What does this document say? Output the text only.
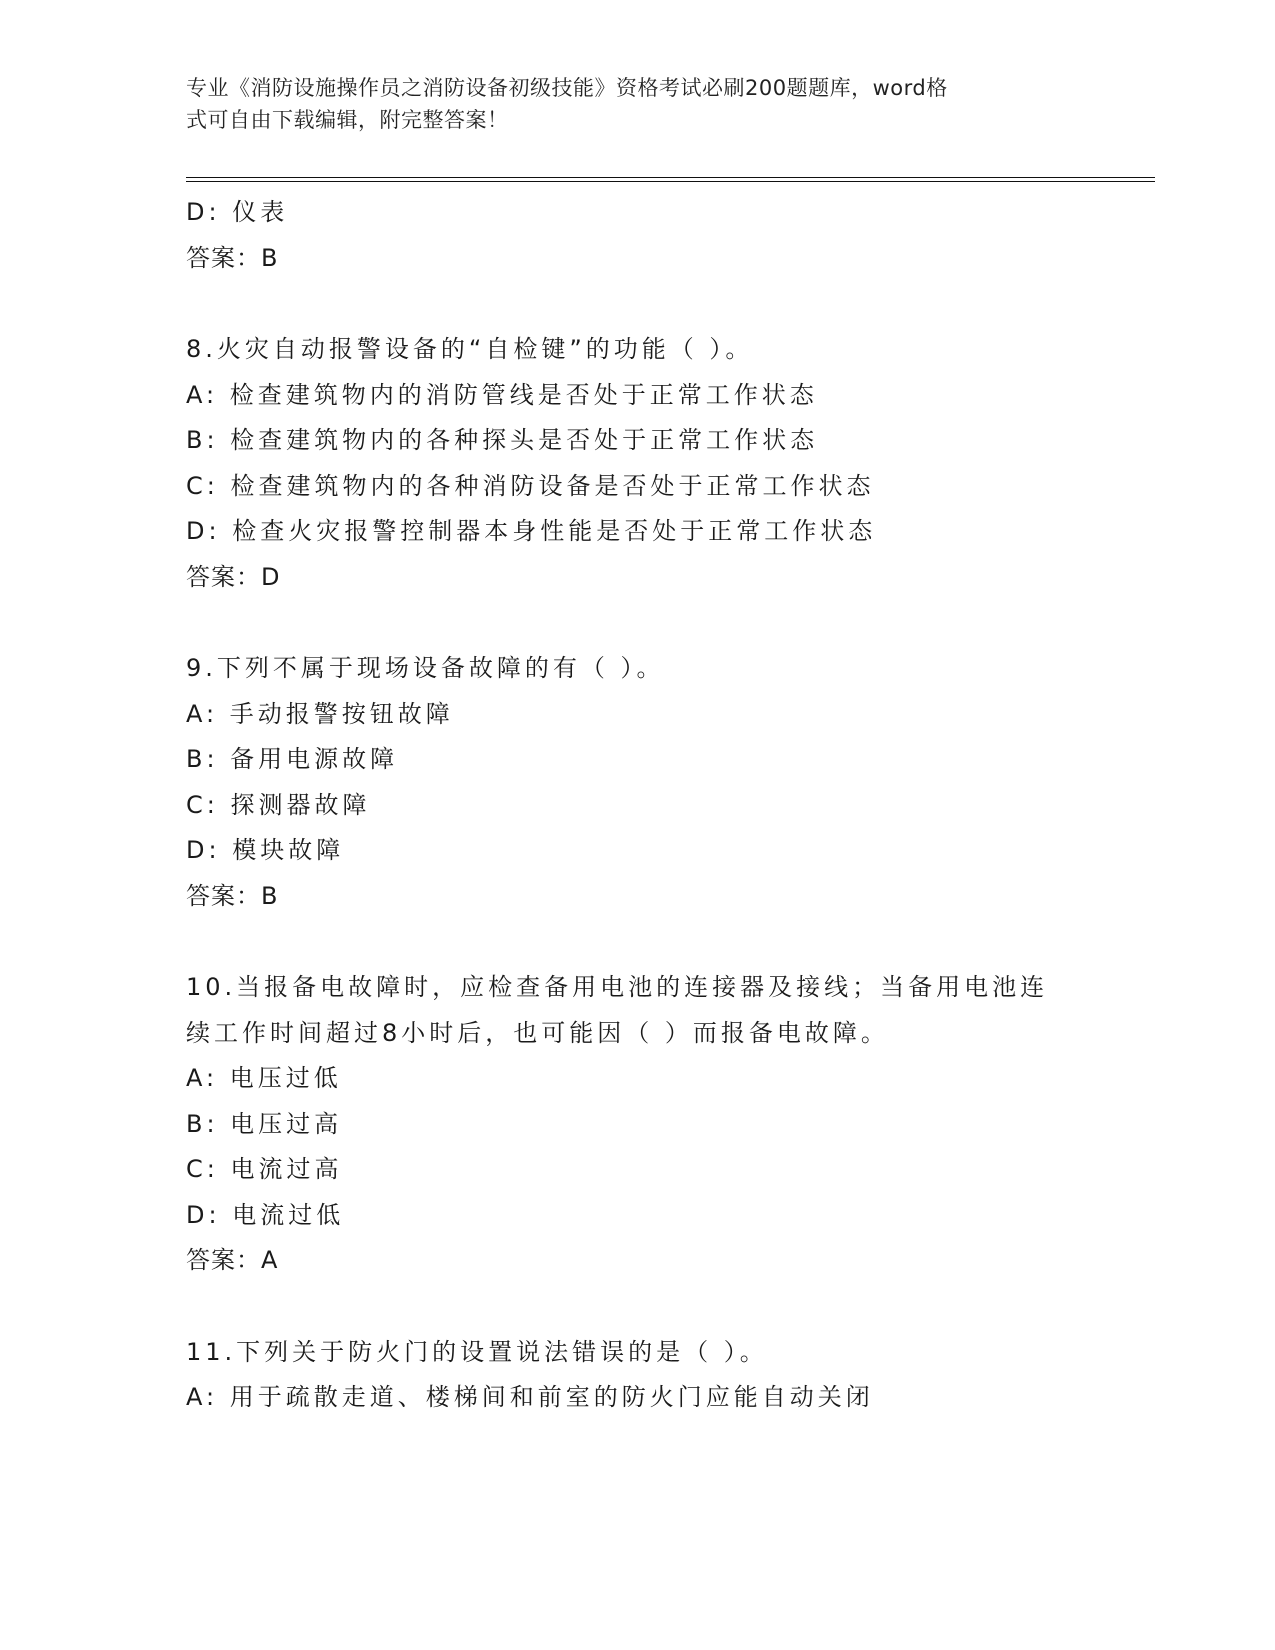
专业《消防设施操作员之消防设备初级技能》资格考试必刷200题题库，word格
式可自由下载编辑，附完整答案！
D: 仪表
答案：B
8.火灾自动报警设备的“自检键”的功能（ ）。
A: 检查建筑物内的消防管线是否处于正常工作状态
B: 检查建筑物内的各种探头是否处于正常工作状态
C: 检查建筑物内的各种消防设备是否处于正常工作状态
D: 检查火灾报警控制器本身性能是否处于正常工作状态
答案：D
9.下列不属于现场设备故障的有（ ）。
A: 手动报警按钮故障
B: 备用电源故障
C: 探测器故障
D: 模块故障
答案：B
10.当报备电故障时，应检查备用电池的连接器及接线；当备用电池连
续工作时间超过8小时后，也可能因（ ）而报备电故障。
A: 电压过低
B: 电压过高
C: 电流过高
D: 电流过低
答案：A
11.下列关于防火门的设置说法错误的是（ ）。
A: 用于疏散走道、楼梯间和前室的防火门应能自动关闭
